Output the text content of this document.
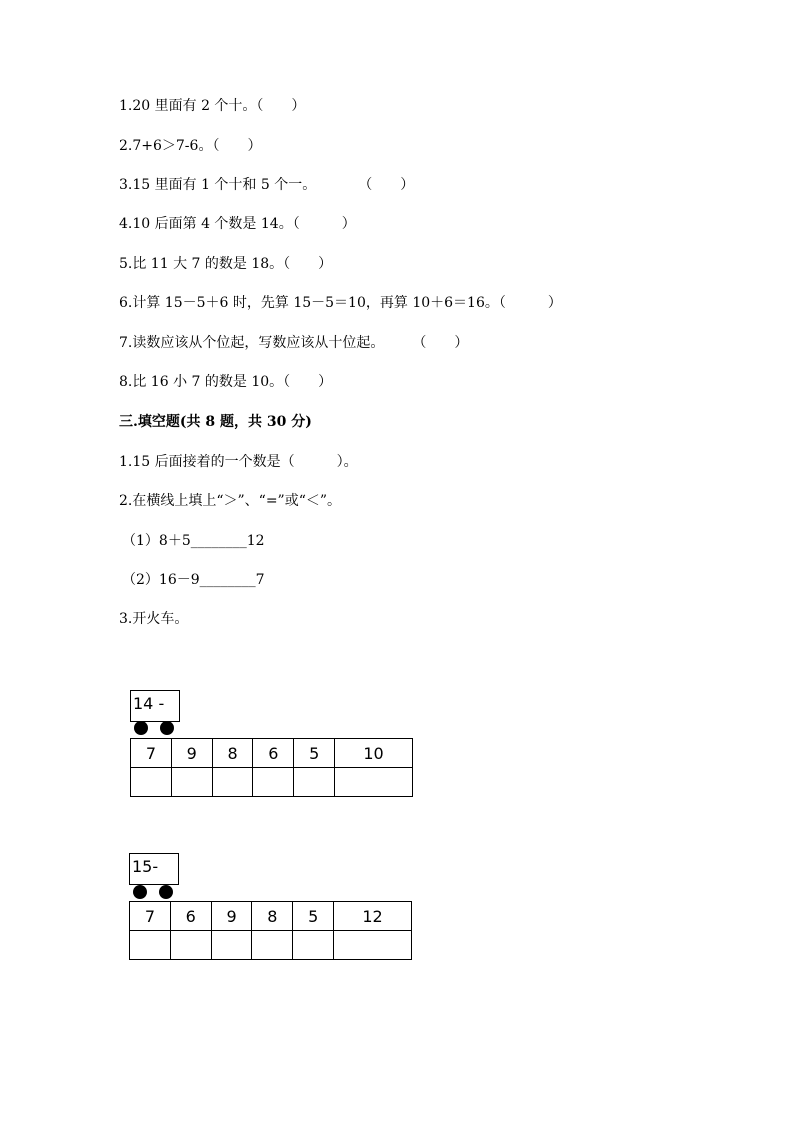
1.20 里面有 2 个十。（　　）
2.7+6＞7-6。（　　）
3.15 里面有 1 个十和 5 个一。　　　　（　　）
4.10 后面第 4 个数是 14。（　　　）
5.比 11 大 7 的数是 18。（　　）
6.计算 15－5＋6 时，先算 15－5＝10，再算 10＋6＝16。（　　　）
7.读数应该从个位起，写数应该从十位起。　　　（　　）
8.比 16 小 7 的数是 10。（　　）
三.填空题(共 8 题，共 30 分)
1.15 后面接着的一个数是（　　　）。
2.在横线上填上“＞”、“=”或“＜”。
（1）8＋5________12
（2）16－9________7
3.开火车。
14 -
7	9	8	6	5	10

15-
7	6	9	8	5	12
